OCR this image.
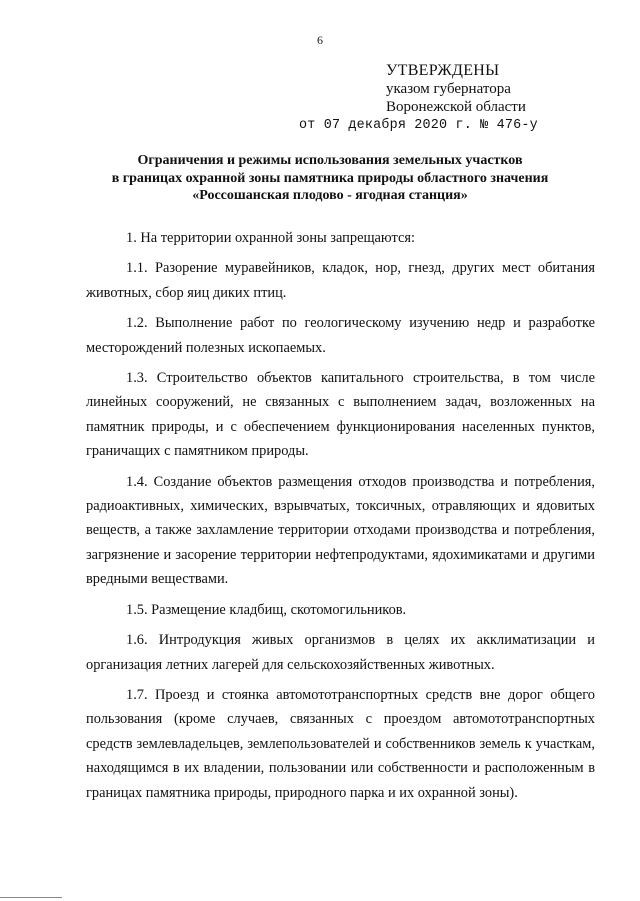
6
УТВЕРЖДЕНЫ
указом губернатора
Воронежской области
от 07 декабря 2020 г. № 476-у
Ограничения и режимы использования земельных участков
в границах охранной зоны памятника природы областного значения
«Россошанская плодово - ягодная станция»

1. На территории охранной зоны запрещаются:

1.1. Разорение муравейников, кладок, нор, гнезд, других мест обитания животных, сбор яиц диких птиц.

1.2. Выполнение работ по геологическому изучению недр и разработке месторождений полезных ископаемых.

1.3. Строительство объектов капитального строительства, в том числе линейных сооружений, не связанных с выполнением задач, возложенных на памятник природы, и с обеспечением функционирования населенных пунктов, граничащих с памятником природы.

1.4. Создание объектов размещения отходов производства и потребления, радиоактивных, химических, взрывчатых, токсичных, отравляющих и ядовитых веществ, а также захламление территории отходами производства и потребления, загрязнение и засорение территории нефтепродуктами, ядохимикатами и другими вредными веществами.

1.5. Размещение кладбищ, скотомогильников.

1.6. Интродукция живых организмов в целях их акклиматизации и организация летних лагерей для сельскохозяйственных животных.

1.7. Проезд и стоянка автомототранспортных средств вне дорог общего пользования (кроме случаев, связанных с проездом автомототранспортных средств землевладельцев, землепользователей и собственников земель к участкам, находящимся в их владении, пользовании или собственности и расположенным в границах памятника природы, природного парка и их охранной зоны).
